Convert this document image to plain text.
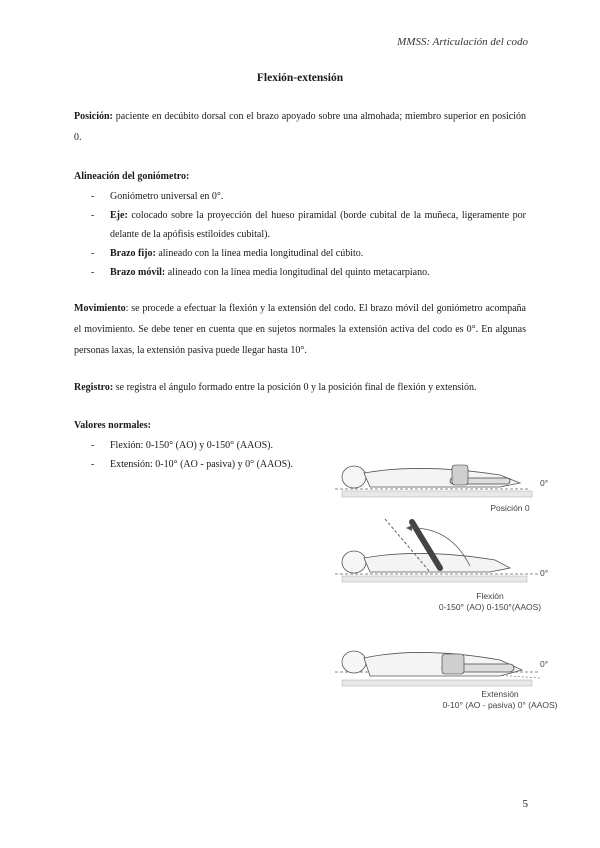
MMSS: Articulación del codo
Flexión-extensión
Posición: paciente en decúbito dorsal con el brazo apoyado sobre una almohada; miembro superior en posición 0.
Alineación del goniómetro:
- Goniómetro universal en 0°.
- Eje: colocado sobre la proyección del hueso piramidal (borde cubital de la muñeca, ligeramente por delante de la apófisis estiloides cubital).
- Brazo fijo: alineado con la línea media longitudinal del cúbito.
- Brazo móvil: alineado con la línea media longitudinal del quinto metacarpiano.
Movimiento: se procede a efectuar la flexión y la extensión del codo. El brazo móvil del goniómetro acompaña el movimiento. Se debe tener en cuenta que en sujetos normales la extensión activa del codo es 0°. En algunas personas laxas, la extensión pasiva puede llegar hasta 10°.
Registro: se registra el ángulo formado entre la posición 0 y la posición final de flexión y extensión.
Valores normales:
- Flexión: 0-150° (AO) y 0-150° (AAOS).
- Extensión: 0-10° (AO - pasiva) y 0° (AAOS).
0°
Posición 0
0°
Flexión
0-150° (AO) 0-150°(AAOS)
0°
Extensión
0-10° (AO - pasiva) 0° (AAOS)
5
